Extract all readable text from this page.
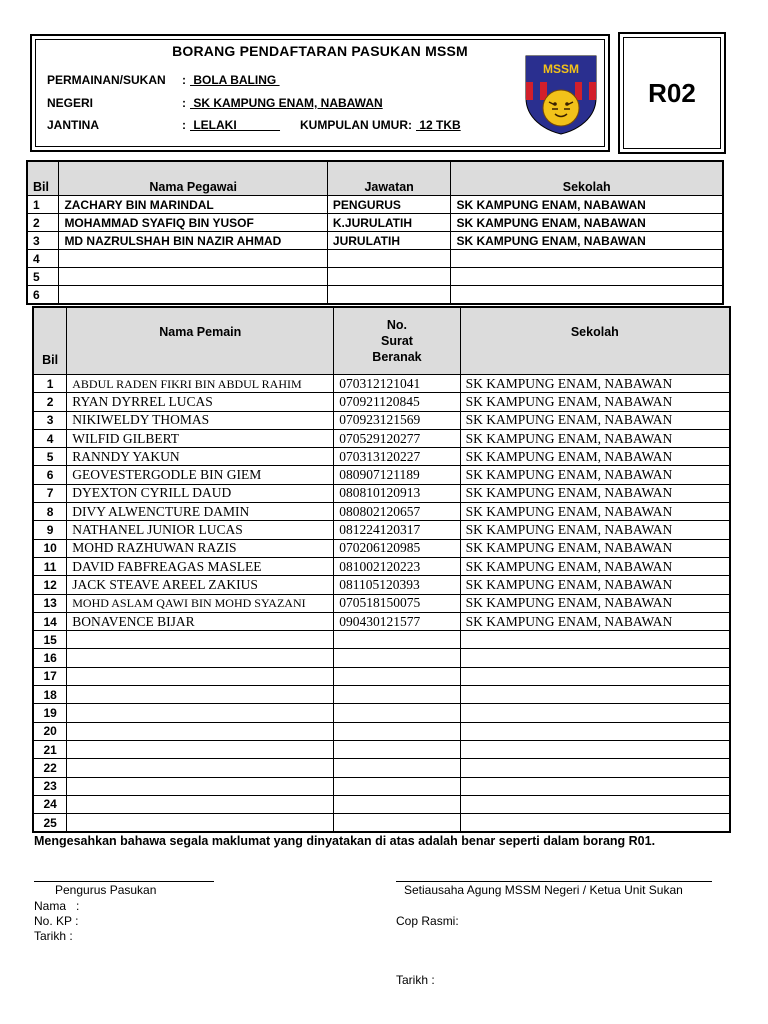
BORANG PENDAFTARAN PASUKAN MSSM
PERMAINAN/SUKAN : BOLA BALING
NEGERI	: SK KAMPUNG ENAM, NABAWAN
JANTINA	: LELAKI KUMPULAN UMUR: 12 TKB
MSSM
R02
Bil	Nama Pegawai	Jawatan	Sekolah
1	ZACHARY BIN MARINDAL	PENGURUS	SK KAMPUNG ENAM, NABAWAN
2	MOHAMMAD SYAFIQ BIN YUSOF	K.JURULATIH	SK KAMPUNG ENAM, NABAWAN
3	MD NAZRULSHAH BIN NAZIR AHMAD	JURULATIH	SK KAMPUNG ENAM, NABAWAN
4			
5			
6			
Bil	Nama Pemain	No. Surat Beranak	Sekolah
1	ABDUL RADEN FIKRI BIN ABDUL RAHIM	070312121041	SK KAMPUNG ENAM, NABAWAN
2	RYAN DYRREL LUCAS	070921120845	SK KAMPUNG ENAM, NABAWAN
3	NIKIWELDY THOMAS	070923121569	SK KAMPUNG ENAM, NABAWAN
4	WILFID GILBERT	070529120277	SK KAMPUNG ENAM, NABAWAN
5	RANNDY YAKUN	070313120227	SK KAMPUNG ENAM, NABAWAN
6	GEOVESTERGODLE BIN GIEM	080907121189	SK KAMPUNG ENAM, NABAWAN
7	DYEXTON CYRILL DAUD	080810120913	SK KAMPUNG ENAM, NABAWAN
8	DIVY ALWENCTURE DAMIN	080802120657	SK KAMPUNG ENAM, NABAWAN
9	NATHANEL JUNIOR LUCAS	081224120317	SK KAMPUNG ENAM, NABAWAN
10	MOHD RAZHUWAN RAZIS	070206120985	SK KAMPUNG ENAM, NABAWAN
11	DAVID FABFREAGAS MASLEE	081002120223	SK KAMPUNG ENAM, NABAWAN
12	JACK STEAVE AREEL ZAKIUS	081105120393	SK KAMPUNG ENAM, NABAWAN
13	MOHD ASLAM QAWI BIN MOHD SYAZANI	070518150075	SK KAMPUNG ENAM, NABAWAN
14	BONAVENCE BIJAR	090430121577	SK KAMPUNG ENAM, NABAWAN
15			
16			
17			
18			
19			
20			
21			
22			
23			
24			
25			
Mengesahkan bahawa segala maklumat yang dinyatakan di atas adalah benar seperti dalam borang R01.
Pengurus Pasukan
Nama   :
No. KP :
Tarikh :
Setiausaha Agung MSSM Negeri / Ketua Unit Sukan
Cop Rasmi:
Tarikh :
